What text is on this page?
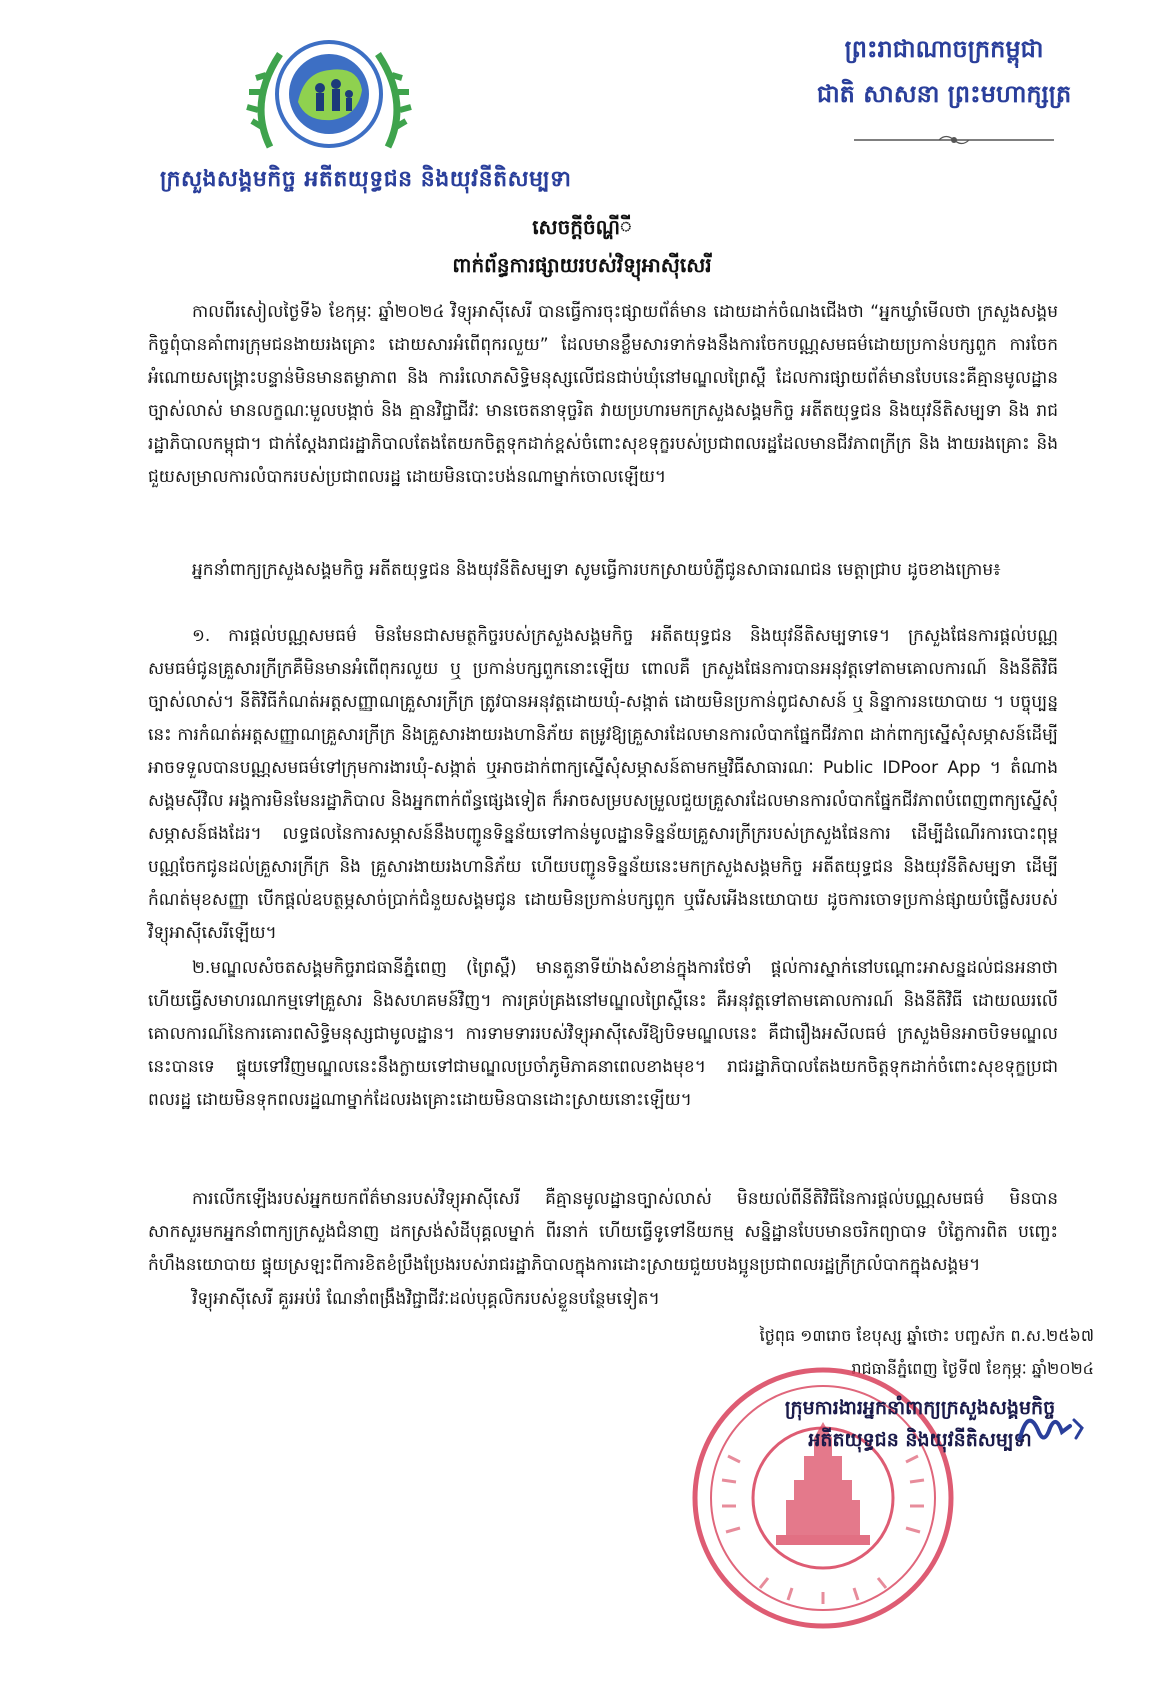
ក្រសួងសង្គមកិច្ច អតីតយុទ្ធជន និងយុវនីតិសម្បទា
ព្រះរាជាណាចក្រកម្ពុជា
ជាតិ សាសនា ព្រះមហាក្សត្រ
សេចក្តីចំណ្ហីី
ពាក់ព័ន្ធការផ្សាយរបស់វិទ្យុអាស៊ីសេរី
កាលពីរសៀលថ្ងៃទី៦ ខែកុម្ភៈ ឆ្នាំ២០២៤ វិទ្យុអាស៊ីសេរី បានធ្វើការចុះផ្សាយព័ត៌មាន ដោយដាក់ចំណងជើងថា “អ្នកឃ្លាំមើលថា ក្រសួងសង្គមកិច្ចពុំបានគាំពារក្រុមជនងាយរងគ្រោះ ដោយសារអំពើពុករលួយ” ដែលមានខ្លឹមសារទាក់ទងនឹងការចែកបណ្ណសមធម៌ដោយប្រកាន់បក្សពួក ការចែកអំណោយសង្គ្រោះបន្ទាន់មិនមានតម្លាភាព និង ការរំលោភសិទ្ធិមនុស្សលើជនជាប់ឃុំនៅមណ្ឌលព្រៃស្ពឺ ដែលការផ្សាយព័ត៌មានបែបនេះគឺគ្មានមូលដ្ឋានច្បាស់លាស់ មានលក្ខណៈមួលបង្កាច់ និង គ្មានវិជ្ជាជីវៈ មានចេតនាទុច្ចរិត វាយប្រហារមកក្រសួងសង្គមកិច្ច អតីតយុទ្ធជន និងយុវនីតិសម្បទា និង រាជរដ្ឋាភិបាលកម្ពុជា។ ជាក់ស្តែងរាជរដ្ឋាភិបាលតែងតែយកចិត្តទុកដាក់ខ្ពស់ចំពោះសុខទុក្ខរបស់ប្រជាពលរដ្ឋដែលមានជីវភាពក្រីក្រ និង ងាយរងគ្រោះ និង ជួយសម្រាលការលំបាករបស់ប្រជាពលរដ្ឋ ដោយមិនបោះបង់នណាម្នាក់ចោលឡើយ។
អ្នកនាំពាក្យក្រសួងសង្គមកិច្ច អតីតយុទ្ធជន និងយុវនីតិសម្បទា សូមធ្វើការបកស្រាយបំភ្លឺជូនសាធារណជន មេត្តាជ្រាប ដូចខាងក្រោម៖
១. ការផ្តល់បណ្ណសមធម៌ មិនមែនជាសមត្ថកិច្ចរបស់ក្រសួងសង្គមកិច្ច អតីតយុទ្ធជន និងយុវនីតិសម្បទាទេ។ ក្រសួងផែនការផ្តល់បណ្ណសមធម៌ជូនគ្រួសារក្រីក្រគឺមិនមានអំពើពុករលួយ ឬ ប្រកាន់បក្សពួកនោះឡើយ ពោលគឺ ក្រសួងផែនការបានអនុវត្តទៅតាមគោលការណ៍ និងនីតិវិធីច្បាស់លាស់។ នីតិវិធីកំណត់អត្តសញ្ញាណគ្រួសារក្រីក្រ ត្រូវបានអនុវត្តដោយឃុំ-សង្កាត់ ដោយមិនប្រកាន់ពូជសាសន៍ ឬ និន្នាការនយោបាយ ។ បច្ចុប្បន្ននេះ ការកំណត់អត្តសញ្ញាណគ្រួសារក្រីក្រ និងគ្រួសារងាយរងហានិភ័យ តម្រូវឱ្យគ្រួសារដែលមានការលំបាកផ្នែកជីវភាព ដាក់ពាក្យស្នើសុំសម្ភាសន៍ដើម្បីអាចទទួលបានបណ្ណសមធម៌ទៅក្រុមការងារឃុំ-សង្កាត់ ឬអាចដាក់ពាក្យស្នើសុំសម្ភាសន៍តាមកម្មវិធីសាធារណៈ Public IDPoor App ។ តំណាងសង្គមស៊ីវិល អង្គការមិនមែនរដ្ឋាភិបាល និងអ្នកពាក់ព័ន្ធផ្សេងទៀត ក៏អាចសម្របសម្រួលជួយគ្រួសារដែលមានការលំបាកផ្នែកជីវភាពបំពេញពាក្យស្នើសុំសម្ភាសន៍ផងដែរ។ លទ្ធផលនៃការសម្ភាសន៍នឹងបញ្ជូនទិន្នន័យទៅកាន់មូលដ្ឋានទិន្នន័យគ្រួសារក្រីក្ររបស់ក្រសួងផែនការ ដើម្បីដំណើរការបោះពុម្ពបណ្ណចែកជូនដល់គ្រួសារក្រីក្រ និង គ្រួសារងាយរងហានិភ័យ ហើយបញ្ជូនទិន្នន័យនេះមកក្រសួងសង្គមកិច្ច អតីតយុទ្ធជន និងយុវនីតិសម្បទា ដើម្បីកំណត់មុខសញ្ញា បើកផ្តល់ឧបត្ថម្ភសាច់ប្រាក់ជំនួយសង្គមជូន ដោយមិនប្រកាន់បក្សពួក ឬរើសអើងនយោបាយ ដូចការចោទប្រកាន់ផ្សាយបំផ្លើសរបស់វិទ្យុអាស៊ីសេរីឡើយ។
២.មណ្ឌលសំចតសង្គមកិច្ចរាជធានីភ្នំពេញ (ព្រៃស្ពឺ) មានតួនាទីយ៉ាងសំខាន់ក្នុងការថែទាំ ផ្តល់ការស្នាក់នៅបណ្តោះអាសន្នដល់ជនអនាថា ហើយធ្វើសមាហរណកម្មទៅគ្រួសារ និងសហគមន៍វិញ។ ការគ្រប់គ្រងនៅមណ្ឌលព្រៃស្ពឺនេះ គឺអនុវត្តទៅតាមគោលការណ៍ និងនីតិវិធី ដោយឈរលើគោលការណ៍នៃការគោរពសិទ្ធិមនុស្សជាមូលដ្ឋាន។ ការទាមទាររបស់វិទ្យុអាស៊ីសេរីឱ្យបិទមណ្ឌលនេះ គឺជារឿងអសីលធម៌ ក្រសួងមិនអាចបិទមណ្ឌលនេះបានទេ ផ្ទុយទៅវិញមណ្ឌលនេះនឹងក្លាយទៅជាមណ្ឌលប្រចាំភូមិភាគនាពេលខាងមុខ។ រាជរដ្ឋាភិបាលតែងយកចិត្តទុកដាក់ចំពោះសុខទុក្ខប្រជាពលរដ្ឋ ដោយមិនទុកពលរដ្ឋណាម្នាក់ដែលរងគ្រោះដោយមិនបានដោះស្រាយនោះឡើយ។
ការលើកឡើងរបស់អ្នកយកព័ត៌មានរបស់វិទ្យុអាស៊ីសេរី គឺគ្មានមូលដ្ឋានច្បាស់លាស់ មិនយល់ពីនីតិវិធីនៃការផ្តល់បណ្ណសមធម៌ មិនបានសាកសួរមកអ្នកនាំពាក្យក្រសួងជំនាញ ដកស្រង់សំដីបុគ្គលម្នាក់ ពីរនាក់ ហើយធ្វើទូទៅនីយកម្ម សន្និដ្ឋានបែបមានចរិកព្យាបាទ បំភ្លៃការពិត បញ្ចេះកំហឹងនយោបាយ ផ្ទុយស្រឡះពីការខិតខំប្រឹងប្រែងរបស់រាជរដ្ឋាភិបាលក្នុងការដោះស្រាយជួយបងប្អូនប្រជាពលរដ្ឋក្រីក្រលំបាកក្នុងសង្គម។
វិទ្យុអាស៊ីសេរី គួរអប់រំ ណែនាំពង្រឹងវិជ្ជាជីវៈដល់បុគ្គលិករបស់ខ្លួនបន្ថែមទៀត។
ថ្ងៃពុធ ១៣រោច ខែបុស្ស ឆ្នាំថោះ បញ្ចស័ក ព.ស.២៥៦៧
រាជធានីភ្នំពេញ ថ្ងៃទី៧ ខែកុម្ភៈ ឆ្នាំ២០២៤
ក្រុមការងារអ្នកនាំពាក្យក្រសួងសង្គមកិច្ច
អតីតយុទ្ធជន និងយុវនីតិសម្បទា
